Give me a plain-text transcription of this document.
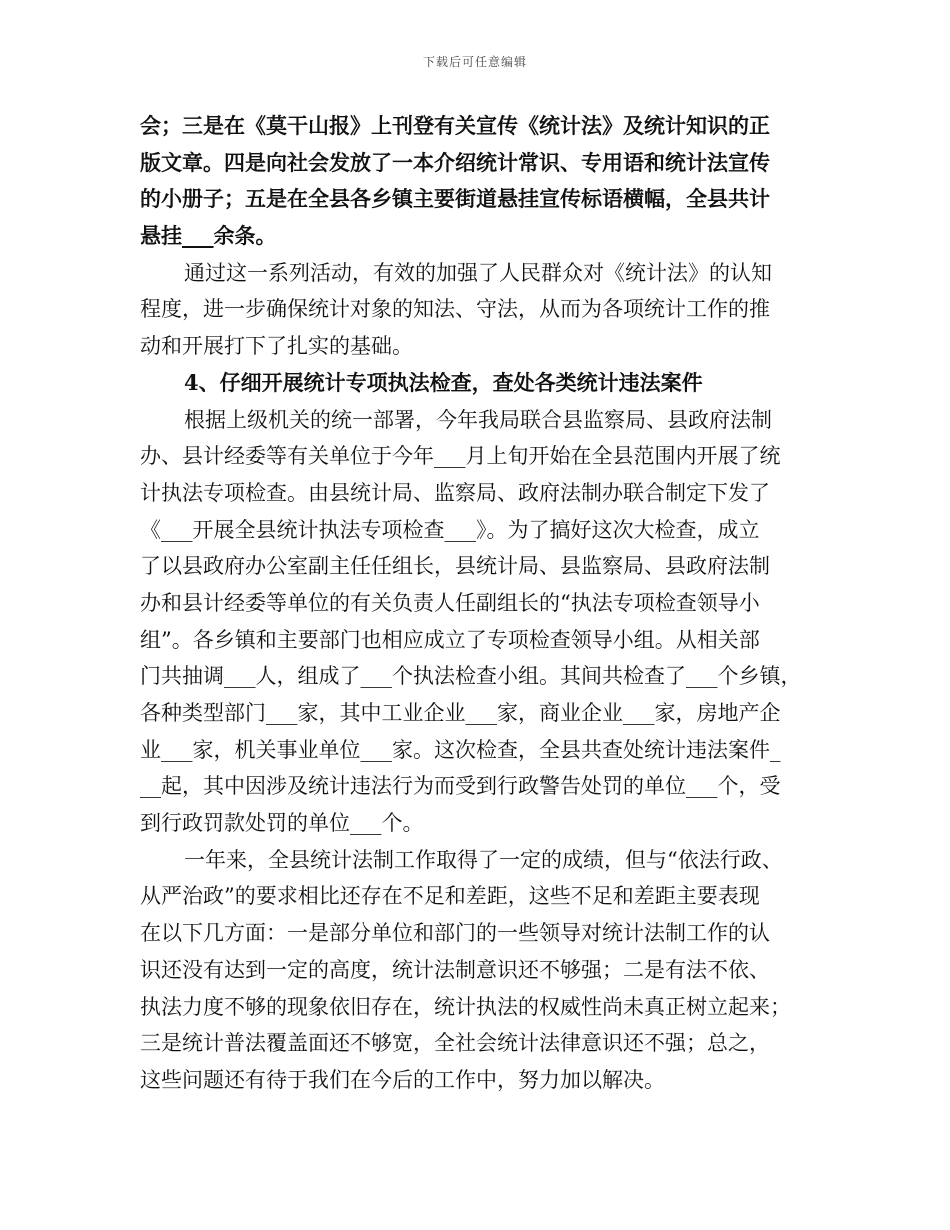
下载后可任意编辑
会；三是在《莫干山报》上刊登有关宣传《统计法》及统计知识的正
版文章。四是向社会发放了一本介绍统计常识、专用语和统计法宣传
的小册子；五是在全县各乡镇主要街道悬挂宣传标语横幅，全县共计
悬挂___余条。
通过这一系列活动，有效的加强了人民群众对《统计法》的认知
程度，进一步确保统计对象的知法、守法，从而为各项统计工作的推
动和开展打下了扎实的基础。
4、仔细开展统计专项执法检查，查处各类统计违法案件
根据上级机关的统一部署，今年我局联合县监察局、县政府法制
办、县计经委等有关单位于今年___月上旬开始在全县范围内开展了统
计执法专项检查。由县统计局、监察局、政府法制办联合制定下发了
《___开展全县统计执法专项检查___》。为了搞好这次大检查，成立
了以县政府办公室副主任任组长，县统计局、县监察局、县政府法制
办和县计经委等单位的有关负责人任副组长的“执法专项检查领导小
组”。各乡镇和主要部门也相应成立了专项检查领导小组。从相关部
门共抽调___人，组成了___个执法检查小组。其间共检查了___个乡镇，
各种类型部门___家，其中工业企业___家，商业企业___家，房地产企
业___家，机关事业单位___家。这次检查，全县共查处统计违法案件_
__起，其中因涉及统计违法行为而受到行政警告处罚的单位___个，受
到行政罚款处罚的单位___个。
一年来，全县统计法制工作取得了一定的成绩，但与“依法行政、
从严治政”的要求相比还存在不足和差距，这些不足和差距主要表现
在以下几方面：一是部分单位和部门的一些领导对统计法制工作的认
识还没有达到一定的高度，统计法制意识还不够强；二是有法不依、
执法力度不够的现象依旧存在，统计执法的权威性尚未真正树立起来；
三是统计普法覆盖面还不够宽，全社会统计法律意识还不强；总之，
这些问题还有待于我们在今后的工作中，努力加以解决。
